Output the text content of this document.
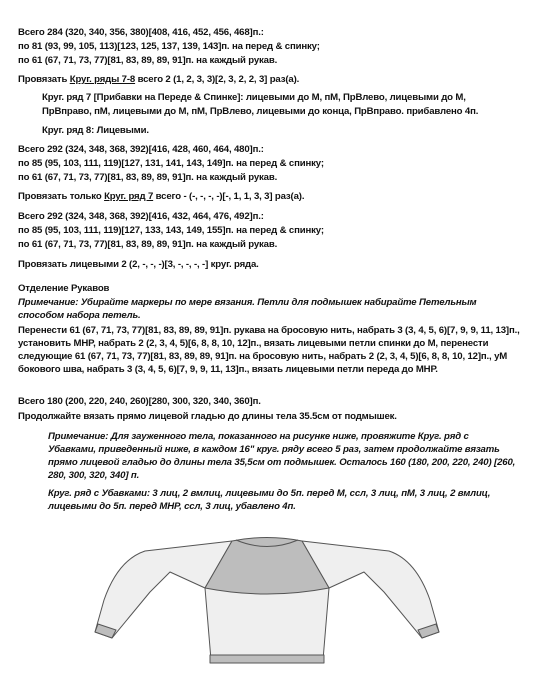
Всего 284 (320, 340, 356, 380)[408, 416, 452, 456, 468]п.:

по 81 (93, 99, 105, 113)[123, 125, 137, 139, 143]п. на перед & спинку;

по 61 (67, 71, 73, 77)[81, 83, 89, 89, 91]п. на каждый рукав.

Провязать Круг. ряды 7-8 всего 2 (1, 2, 3, 3)[2, 3, 2, 2, 3] раз(а).

Круг. ряд 7 [Прибавки на Переде & Спинке]: лицевыми до М, пМ, ПрВлево, лицевыми до М,

ПрВправо, пМ, лицевыми до М, пМ, ПрВлево, лицевыми до конца, ПрВправо. прибавлено 4п.

Круг. ряд 8: Лицевыми.

Всего 292 (324, 348, 368, 392)[416, 428, 460, 464, 480]п.:

по 85 (95, 103, 111, 119)[127, 131, 141, 143, 149]п. на перед & спинку;

по 61 (67, 71, 73, 77)[81, 83, 89, 89, 91]п. на каждый рукав.

Провязать только Круг. ряд 7 всего - (-, -, -, -)[-, 1, 1, 3, 3] раз(а).

Всего 292 (324, 348, 368, 392)[416, 432, 464, 476, 492]п.:

по 85 (95, 103, 111, 119)[127, 133, 143, 149, 155]п. на перед & спинку;

по 61 (67, 71, 73, 77)[81, 83, 89, 89, 91]п. на каждый рукав.

Провязать лицевыми 2 (2, -, -, -)[3, -, -, -, -] круг. ряда.

Отделение Рукавов

Примечание: Убирайте маркеры по мере вязания. Петли для подмышек набирайте Петельным способом набора петель.

Перенести 61 (67, 71, 73, 77)[81, 83, 89, 89, 91]п. рукава на бросовую нить, набрать 3 (3, 4, 5, 6)[7, 9, 9, 11, 13]п., установить МНР, набрать 2 (2, 3, 4, 5)[6, 8, 8, 10, 12]п., вязать лицевыми петли спинки до М, перенести следующие 61 (67, 71, 73, 77)[81, 83, 89, 89, 91]п. на бросовую нить, набрать 2 (2, 3, 4, 5)[6, 8, 8, 10, 12]п., уМ бокового шва, набрать 3 (3, 4, 5, 6)[7, 9, 9, 11, 13]п., вязать лицевыми петли переда до МНР.

Всего 180 (200, 220, 240, 260)[280, 300, 320, 340, 360]п.

Продолжайте вязать прямо лицевой гладью до длины тела 35.5см от подмышек.

Примечание: Для зауженного тела, показанного на рисунке ниже, провяжите Круг. ряд с Убавками, приведенный ниже, в каждом 16" круг. ряду всего 5 раз, затем продолжайте вязать прямо лицевой гладью до длины тела 35,5см от подмышек. Осталось 160 (180, 200, 220, 240) [260, 280, 300, 320, 340] п.

Круг. ряд с Убавками: 3 лиц, 2 вмлиц, лицевыми до 5п. перед М, ссл, 3 лиц, пМ, 3 лиц, 2 вмлиц, лицевыми до 5п. перед МНР, ссл, 3 лиц, убавлено 4п.
